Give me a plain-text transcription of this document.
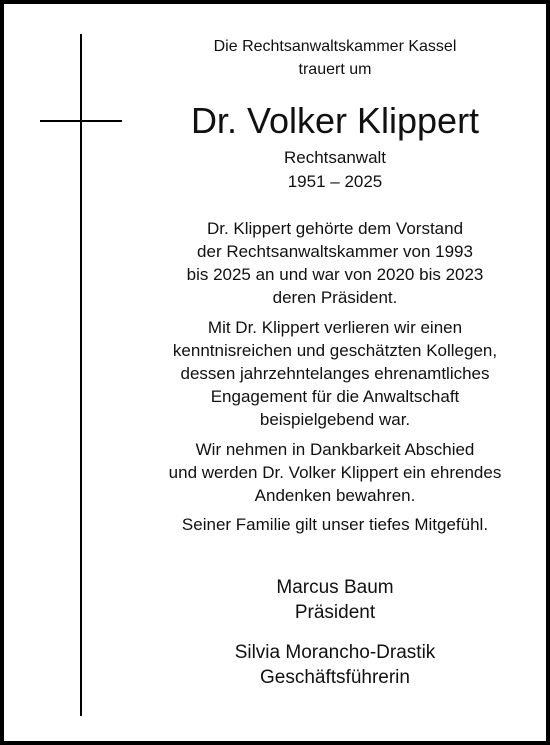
Die Rechtsanwaltskammer Kassel
trauert um
Dr. Volker Klippert
Rechtsanwalt
1951 – 2025
Dr. Klippert gehörte dem Vorstand
der Rechtsanwaltskammer von 1993
bis 2025 an und war von 2020 bis 2023
deren Präsident.
Mit Dr. Klippert verlieren wir einen
kenntnisreichen und geschätzten Kollegen,
dessen jahrzehntelanges ehrenamtliches
Engagement für die Anwaltschaft
beispielgebend war.
Wir nehmen in Dankbarkeit Abschied
und werden Dr. Volker Klippert ein ehrendes
Andenken bewahren.
Seiner Familie gilt unser tiefes Mitgefühl.
Marcus Baum
Präsident
Silvia Morancho-Drastik
Geschäftsführerin
